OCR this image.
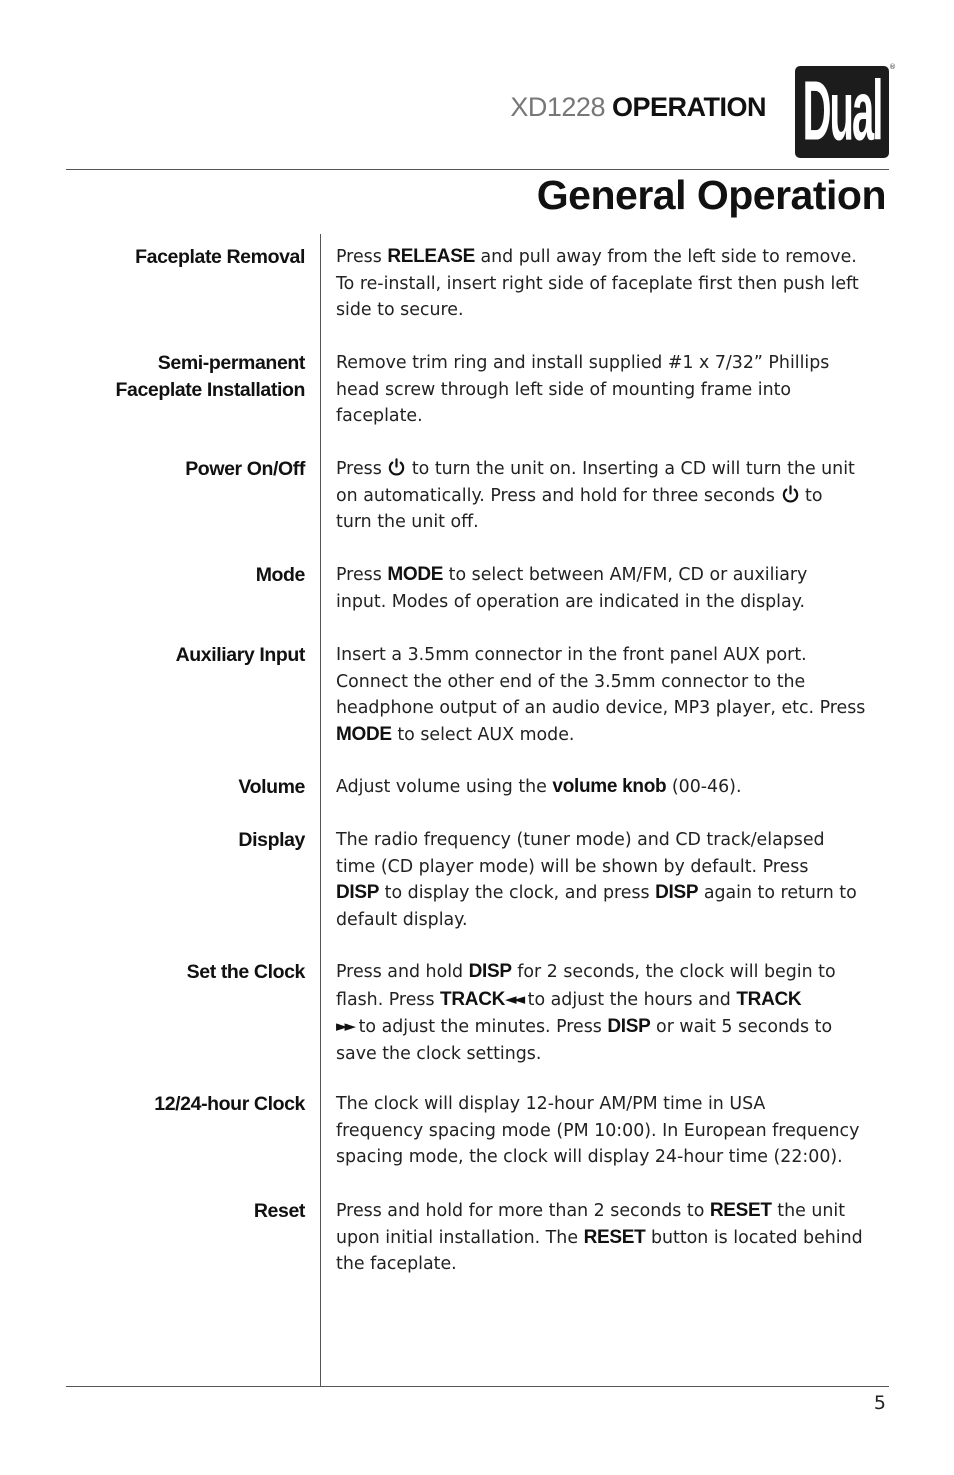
XD1228 OPERATION Dual ®
General Operation
Faceplate Removal Press RELEASE and pull away from the left side to remove.
To re-install, insert right side of faceplate first then push left
side to secure.
Semi-permanent
Faceplate Installation
Remove trim ring and install supplied #1 x 7/32” Phillips
head screw through left side of mounting frame into
faceplate.
Power On/Off Press  to turn the unit on. Inserting a CD will turn the unit
on automatically. Press and hold for three seconds  to
turn the unit off.
Mode Press MODE to select between AM/FM, CD or auxiliary
input. Modes of operation are indicated in the display.
Auxiliary Input Insert a 3.5mm connector in the front panel AUX port.
Connect the other end of the 3.5mm connector to the
headphone output of an audio device, MP3 player, etc. Press
MODE to select AUX mode.
Volume Adjust volume using the volume knob (00-46).
Display The radio frequency (tuner mode) and CD track/elapsed
time (CD player mode) will be shown by default. Press
DISP to display the clock, and press DISP again to return to
default display.
Set the Clock Press and hold DISP for 2 seconds, the clock will begin to
flash. Press TRACK◄◄ to adjust the hours and TRACK
►► to adjust the minutes. Press DISP or wait 5 seconds to
save the clock settings.
12/24-hour Clock The clock will display 12-hour AM/PM time in USA
frequency spacing mode (PM 10:00). In European frequency
spacing mode, the clock will display 24-hour time (22:00).
Reset Press and hold for more than 2 seconds to RESET the unit
upon initial installation. The RESET button is located behind
the faceplate.
5
